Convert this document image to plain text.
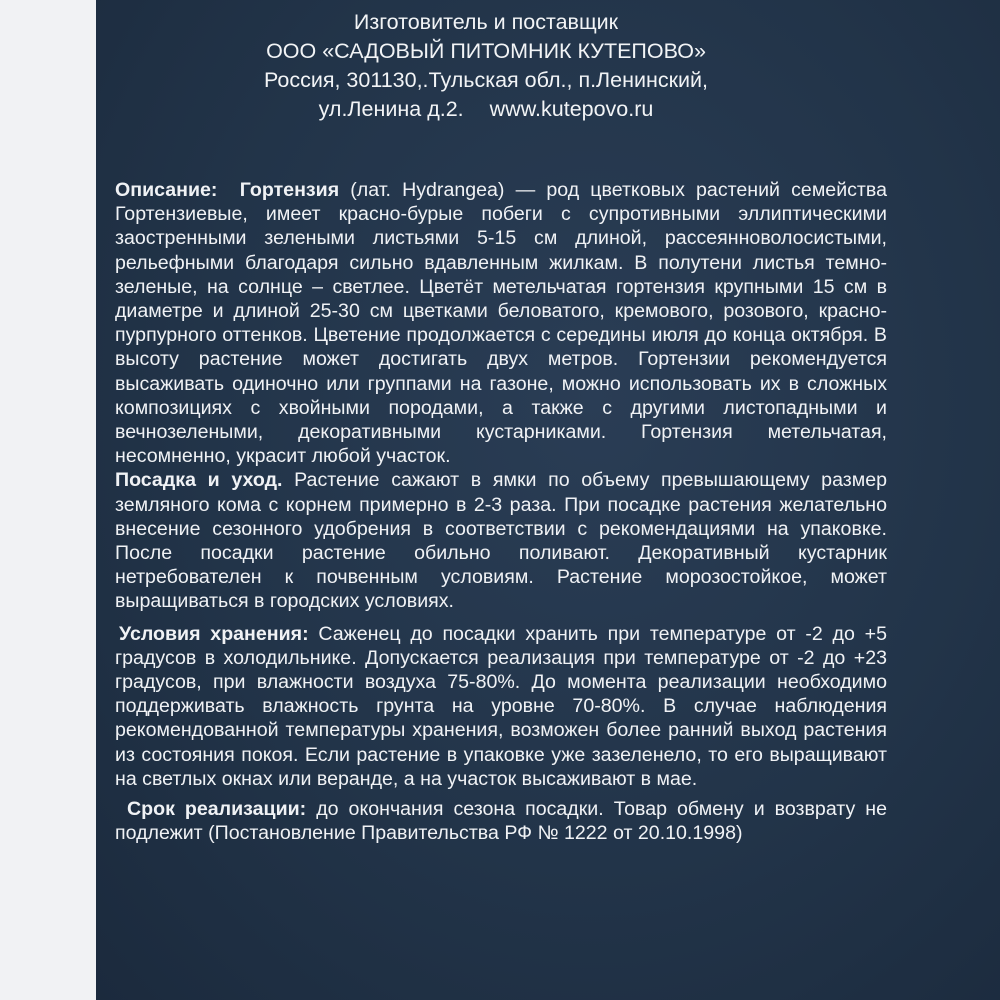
Изготовитель и поставщик
ООО «САДОВЫЙ ПИТОМНИК КУТЕПОВО»
Россия, 301130,.Тульская обл., п.Ленинский,
ул.Ленина д.2. www.kutepovo.ru

Описание: Гортензия (лат. Hydrangea) — род цветковых растений семейства Гортензиевые, имеет красно-бурые побеги с супротивными эллиптическими заостренными зелеными листьями 5-15 см длиной, рассеянноволосистыми, рельефными благодаря сильно вдавленным жилкам. В полутени листья темно-зеленые, на солнце – светлее. Цветёт метельчатая гортензия крупными 15 см в диаметре и длиной 25-30 см цветками беловатого, кремового, розового, красно-пурпурного оттенков. Цветение продолжается с середины июля до конца октября. В высоту растение может достигать двух метров. Гортензии рекомендуется высаживать одиночно или группами на газоне, можно использовать их в сложных композициях с хвойными породами, а также с другими листопадными и вечнозелеными, декоративными кустарниками. Гортензия метельчатая, несомненно, украсит любой участок.

Посадка и уход. Растение сажают в ямки по объему превышающему размер земляного кома с корнем примерно в 2-3 раза. При посадке растения желательно внесение сезонного удобрения в соответствии с рекомендациями на упаковке. После посадки растение обильно поливают. Декоративный кустарник нетребователен к почвенным условиям. Растение морозостойкое, может выращиваться в городских условиях.

Условия хранения: Саженец до посадки хранить при температуре от -2 до +5 градусов в холодильнике. Допускается реализация при температуре от -2 до +23 градусов, при влажности воздуха 75-80%. До момента реализации необходимо поддерживать влажность грунта на уровне 70-80%. В случае наблюдения рекомендованной температуры хранения, возможен более ранний выход растения из состояния покоя. Если растение в упаковке уже зазеленело, то его выращивают на светлых окнах или веранде, а на участок высаживают в мае.

Срок реализации: до окончания сезона посадки. Товар обмену и возврату не подлежит (Постановление Правительства РФ № 1222 от 20.10.1998)
